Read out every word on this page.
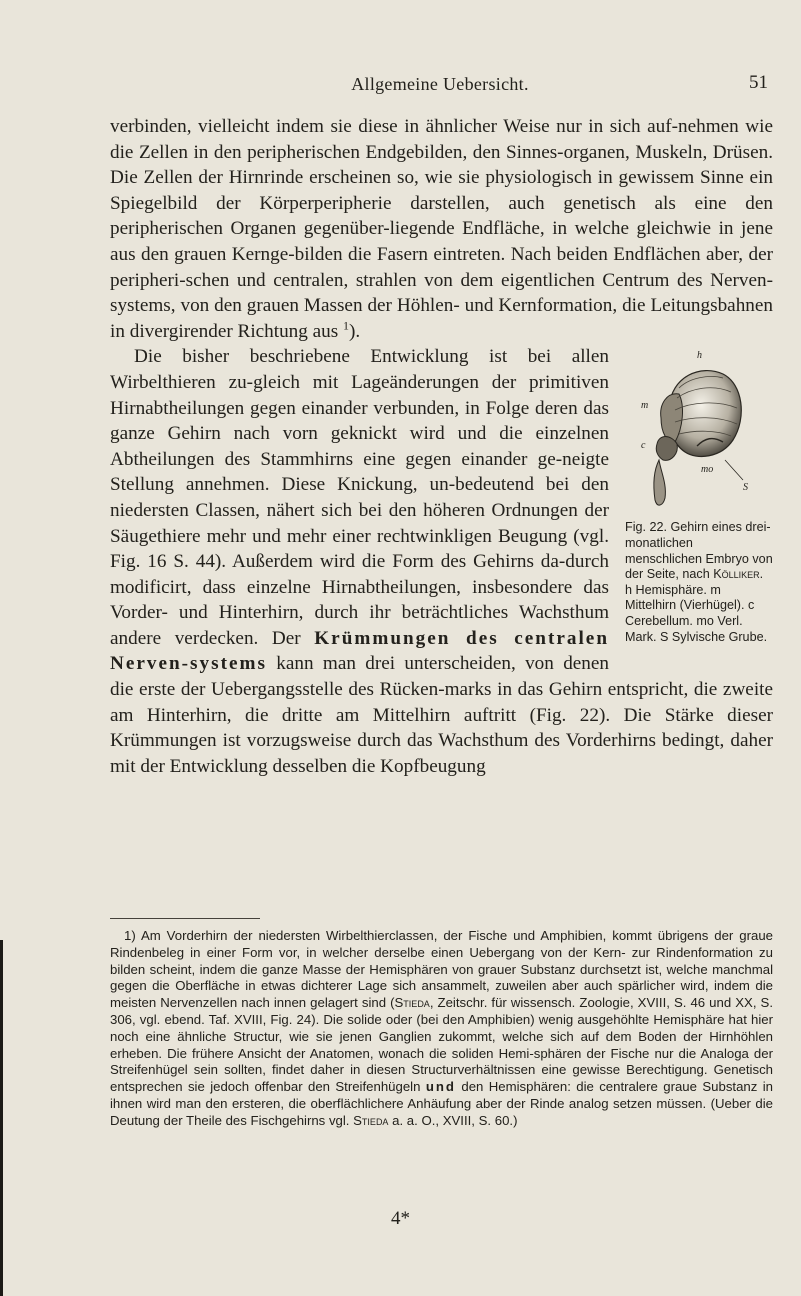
Allgemeine Uebersicht.	51

verbinden, vielleicht indem sie diese in ähnlicher Weise nur in sich auf-nehmen wie die Zellen in den peripherischen Endgebilden, den Sinnes-organen, Muskeln, Drüsen. Die Zellen der Hirnrinde erscheinen so, wie sie physiologisch in gewissem Sinne ein Spiegelbild der Körperperipherie darstellen, auch genetisch als eine den peripherischen Organen gegenüber-liegende Endfläche, in welche gleichwie in jene aus den grauen Kernge-bilden die Fasern eintreten. Nach beiden Endflächen aber, der peripheri-schen und centralen, strahlen von dem eigentlichen Centrum des Nerven-systems, von den grauen Massen der Höhlen- und Kernformation, die Leitungsbahnen in divergirender Richtung aus $^1$).

h
m
c
mo
S
Fig. 22. Gehirn eines drei-monatlichen menschlichen Embryo von der Seite, nach Kölliker. h Hemisphäre. m Mittelhirn (Vierhügel). c Cerebellum. mo Verl. Mark. S Sylvische Grube.

Die bisher beschriebene Entwicklung ist bei allen Wirbelthieren zu-gleich mit Lageänderungen der primitiven Hirnabtheilungen gegen einander verbunden, in Folge deren das ganze Gehirn nach vorn geknickt wird und die einzelnen Abtheilungen des Stammhirns eine gegen einander ge-neigte Stellung annehmen. Diese Knickung, un-bedeutend bei den niedersten Classen, nähert sich bei den höheren Ordnungen der Säugethiere mehr und mehr einer rechtwinkligen Beugung (vgl. Fig. 16 S. 44). Außerdem wird die Form des Gehirns da-durch modificirt, dass einzelne Hirnabtheilungen, insbesondere das Vorder- und Hinterhirn, durch ihr beträchtliches Wachsthum andere verdecken. Der Krümmungen des centralen Nerven-systems kann man drei unterscheiden, von denen die erste der Uebergangsstelle des Rücken-marks in das Gehirn entspricht, die zweite am Hinterhirn, die dritte am Mittelhirn auftritt (Fig. 22). Die Stärke dieser Krümmungen ist vorzugsweise durch das Wachsthum des Vorderhirns bedingt, daher mit der Entwicklung desselben die Kopfbeugung

1) Am Vorderhirn der niedersten Wirbelthierclassen, der Fische und Amphibien, kommt übrigens der graue Rindenbeleg in einer Form vor, in welcher derselbe einen Uebergang von der Kern- zur Rindenformation zu bilden scheint, indem die ganze Masse der Hemisphären von grauer Substanz durchsetzt ist, welche manchmal gegen die Oberfläche in etwas dichterer Lage sich ansammelt, zuweilen aber auch spärlicher wird, indem die meisten Nervenzellen nach innen gelagert sind (Stieda, Zeitschr. für wissensch. Zoologie, XVIII, S. 46 und XX, S. 306, vgl. ebend. Taf. XVIII, Fig. 24). Die solide oder (bei den Amphibien) wenig ausgehöhlte Hemisphäre hat hier noch eine ähnliche Structur, wie sie jenen Ganglien zukommt, welche sich auf dem Boden der Hirnhöhlen erheben. Die frühere Ansicht der Anatomen, wonach die soliden Hemi-sphären der Fische nur die Analoga der Streifenhügel sein sollten, findet daher in diesen Structurverhältnissen eine gewisse Berechtigung. Genetisch entsprechen sie jedoch offenbar den Streifenhügeln und den Hemisphären: die centralere graue Substanz in ihnen wird man den ersteren, die oberflächlichere Anhäufung aber der Rinde analog setzen müssen. (Ueber die Deutung der Theile des Fischgehirns vgl. Stieda a. a. O., XVIII, S. 60.)

4*
